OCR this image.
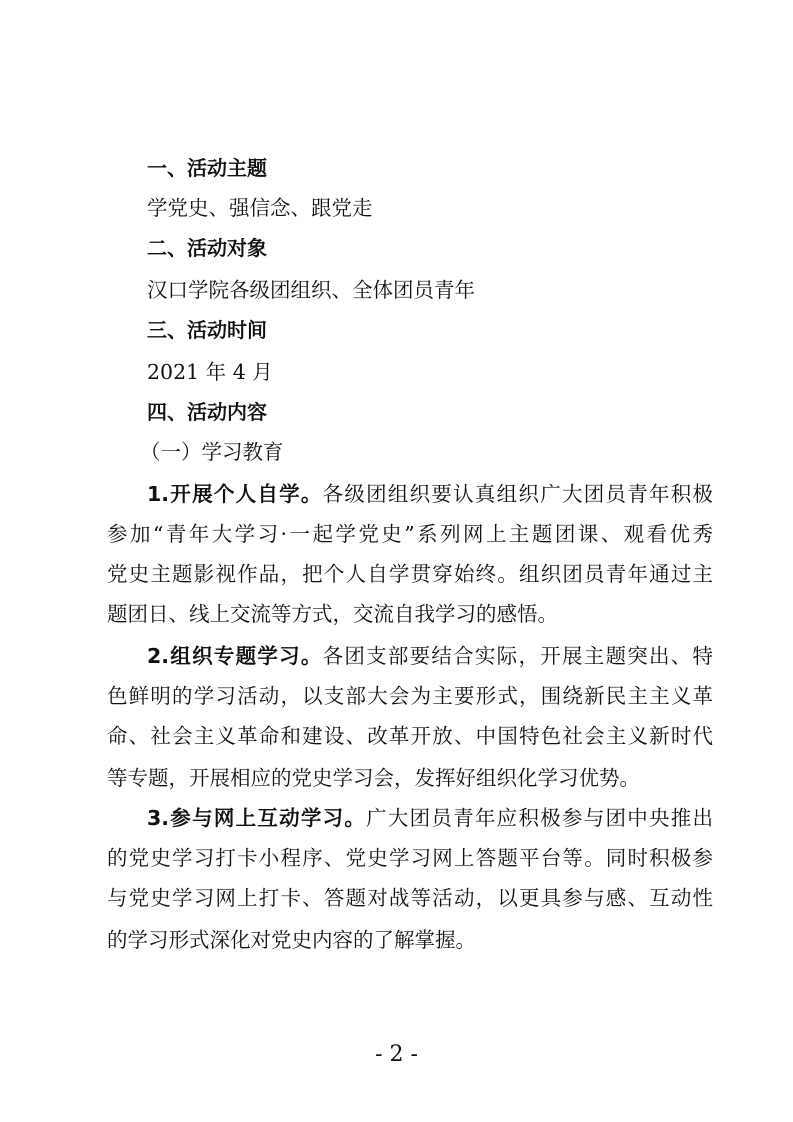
一、活动主题
学党史、强信念、跟党走
二、活动对象
汉口学院各级团组织、全体团员青年
三、活动时间
2021 年 4 月
四、活动内容
（一）学习教育
1.开展个人自学。各级团组织要认真组织广大团员青年积极
参加“青年大学习·一起学党史”系列网上主题团课、观看优秀
党史主题影视作品，把个人自学贯穿始终。组织团员青年通过主
题团日、线上交流等方式，交流自我学习的感悟。
2.组织专题学习。各团支部要结合实际，开展主题突出、特
色鲜明的学习活动，以支部大会为主要形式，围绕新民主主义革
命、社会主义革命和建设、改革开放、中国特色社会主义新时代
等专题，开展相应的党史学习会，发挥好组织化学习优势。
3.参与网上互动学习。广大团员青年应积极参与团中央推出
的党史学习打卡小程序、党史学习网上答题平台等。同时积极参
与党史学习网上打卡、答题对战等活动，以更具参与感、互动性
的学习形式深化对党史内容的了解掌握。
- 2 -
